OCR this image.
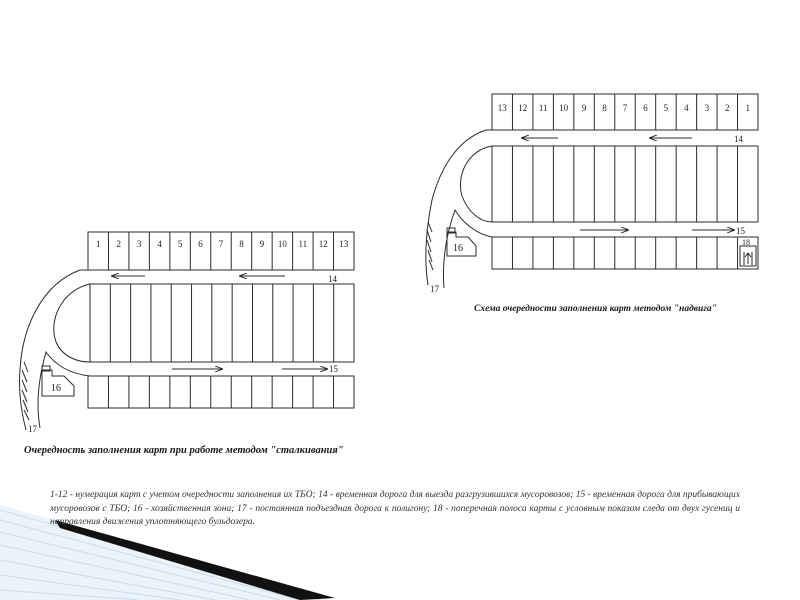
1 2 3 4 5 6 7 8 9 10 11 12 13
14
15
16
17
13 12 11 10 9 8 7 6 5 4 3 2 1
14
15
18
16
17

Очередность заполнения карт при работе методом "сталкивания"

Схема очередности заполнения карт методом "надвига"

1-12 - нумерация карт с учетом очередности заполнения их ТБО; 14 - временная дорога для выезда разгрузившихся мусоровозов; 15 - временная дорога для прибывающих мусоровозов с ТБО; 16 - хозяйственная зона; 17 - постоянная подъездная дорога к полигону; 18 - поперечная полоса карты с условным показом следа от двух гусениц и направления движения уплотняющего бульдозера.
